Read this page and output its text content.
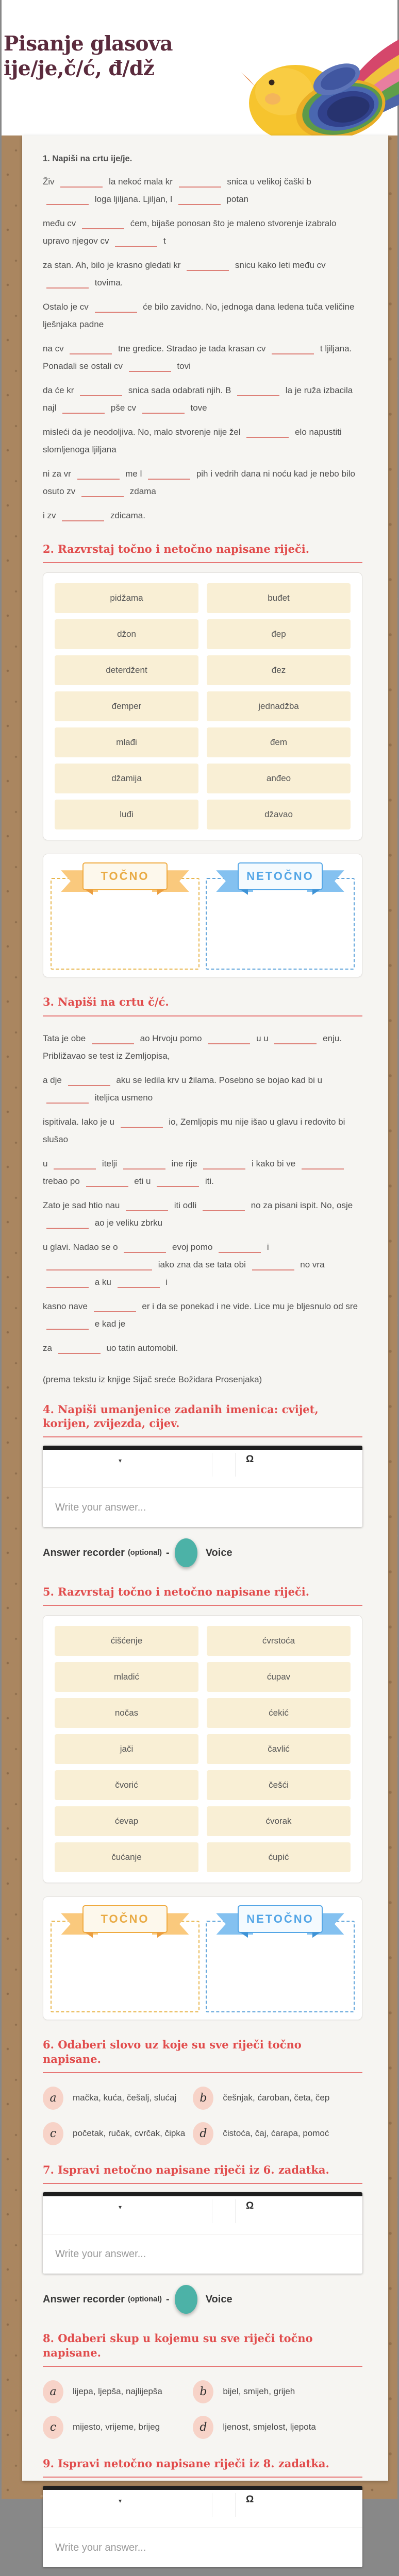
Pisanje glasova
ije/je,č/ć, đ/dž
1. Napiši na crtu ije/je.

Živ	la nekoć mala kr	snica u velikoj čaški b  loga ljiljana. Ljiljan, l	potan

među cv	ćem, bijaše ponosan što je maleno stvorenje izabralo upravo njegov cv	t

za stan. Ah, bilo je krasno gledati kr	snicu kako leti među cv  tovima.

Ostalo je cv	će bilo zavidno. No, jednoga dana ledena tuča veličine lješnjaka padne

na cv	tne gredice. Stradao je tada krasan cv	t ljiljana. Ponadali se ostali cv	tovi

da će kr	snica sada odabrati njih. B	la je ruža izbacila najl	pše cv	tove

misleći da je neodoljiva. No, malo stvorenje nije žel	elo napustiti slomljenoga ljiljana

ni za vr	me l	pih i vedrih dana ni noću kad je nebo bilo osuto zv	zdama

i zv	zdicama.

2. Razvrstaj točno i netočno napisane riječi.
pidžama	buđet
džon	đep
deterdžent	đez
đemper	jednadžba
mlađi	đem
džamija	anđeo
luđi	džavao
TOČNO	NETOČNO
3. Napiši na crtu č/ć.

Tata je obe	ao Hrvoju pomo	u u	enju. Približavao se test iz Zemljopisa,

a dje	aku se ledila krv u žilama. Posebno se bojao kad bi u  iteljica usmeno

ispitivala. Iako je u	io, Zemljopis mu nije išao u glavu i redovito bi slušao

u	itelji	ine rije	i kako bi ve  trebao po	eti u	iti.

Zato je sad htio nau	iti odli	no za pisani ispit. No, osje  ao je veliku zbrku

u glavi. Nadao se o	evoj pomo	i  iako zna da se tata obi	no vra  a ku	i

kasno nave	er i da se ponekad i ne vide. Lice mu je bljesnulo od sre  e kad je

za	uo tatin automobil.

(prema tekstu iz knjige Sijač sreće Božidara Prosenjaka)

4. Napiši umanjenice zadanih imenica: cvijet, korijen, zvijezda, cijev.
▾	Ω
Write your answer...
Answer recorder (optional) -	Voice
5. Razvrstaj točno i netočno napisane riječi.
ćišćenje	ćvrstoća
mladić	ćupav
nočas	ćekić
jači	čavlić
čvorić	češći
ćevap	ćvorak
čućanje	ćupić
TOČNO	NETOČNO
6. Odaberi slovo uz koje su sve riječi točno napisane.
a	mačka, kuća, češalj, slućaj	b	češnjak, ćaroban, četa, čep
c	početak, ručak, cvrčak, čipka	d	čistoća, čaj, ćarapa, pomoć
7. Ispravi netočno napisane riječi iz 6. zadatka.
▾	Ω
Write your answer...
Answer recorder (optional) -	Voice
8. Odaberi skup u kojemu su sve riječi točno napisane.
a	lijepa, ljepša, najlijepša	b	bijel, smijeh, grijeh
c	mijesto, vrijeme, brijeg	d	ljenost, smjelost, ljepota
9. Ispravi netočno napisane riječi iz 8. zadatka.
▾	Ω
Write your answer...
